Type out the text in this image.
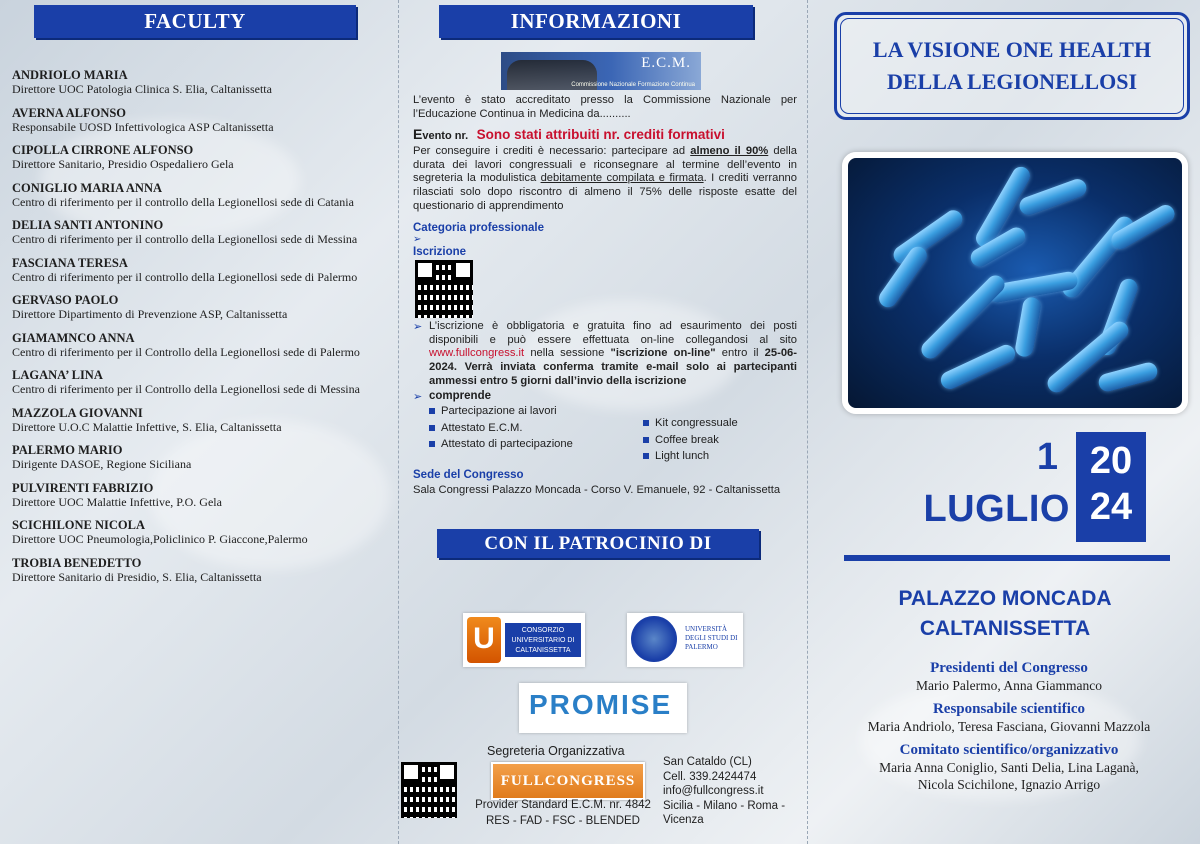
FACULTY
ANDRIOLO MARIA
Direttore UOC Patologia Clinica S. Elia, Caltanissetta
AVERNA ALFONSO
Responsabile UOSD Infettivologica ASP Caltanissetta
CIPOLLA CIRRONE ALFONSO
Direttore Sanitario, Presidio Ospedaliero Gela
CONIGLIO MARIA ANNA
Centro di riferimento per il controllo della Legionellosi sede di Catania
DELIA SANTI ANTONINO
Centro di riferimento per il controllo della Legionellosi sede di Messina
FASCIANA TERESA
Centro di riferimento per il controllo della Legionellosi sede di Palermo
GERVASO PAOLO
Direttore Dipartimento di Prevenzione ASP, Caltanissetta
GIAMAMNCO ANNA
Centro di riferimento per il Controllo della Legionellosi sede di Palermo
LAGANA’ LINA
Centro di riferimento per il Controllo della Legionellosi sede di Messina
MAZZOLA GIOVANNI
Direttore U.O.C Malattie Infettive, S. Elia, Caltanissetta
PALERMO MARIO
Dirigente DASOE, Regione Siciliana
PULVIRENTI FABRIZIO
Direttore UOC Malattie Infettive, P.O. Gela
SCICHILONE NICOLA
Direttore UOC Pneumologia,Policlinico P. Giaccone,Palermo
TROBIA BENEDETTO
Direttore Sanitario di Presidio, S. Elia, Caltanissetta
INFORMAZIONI
E.C.M.
Commissione Nazionale Formazione Continua
L’evento è stato accreditato presso la Commissione Nazionale per l’Educazione Continua in Medicina da..........
Evento nr. Sono stati attribuiti nr. crediti formativi
Per conseguire i crediti è necessario: partecipare ad almeno il 90% della durata dei lavori congressuali e riconsegnare al termine dell’evento in segreteria la modulistica debitamente compilata e firmata. I crediti verranno rilasciati solo dopo riscontro di almeno il 75% delle risposte esatte del questionario di apprendimento
Categoria professionale
➢
Iscrizione
➢ L’iscrizione è obbligatoria e gratuita fino ad esaurimento dei posti disponibili e può essere effettuata on-line collegandosi al sito www.fullcongress.it nella sessione "iscrizione on-line" entro il 25-06-2024. Verrà inviata conferma tramite e-mail solo ai partecipanti ammessi entro 5 giorni dall’invio della iscrizione
➢ comprende
Partecipazione ai lavori
Attestato E.C.M.
Attestato di partecipazione
Kit congressuale
Coffee break
Light lunch
Sede del Congresso
Sala Congressi Palazzo Moncada - Corso V. Emanuele, 92 - Caltanissetta
CON IL PATROCINIO DI
U	CONSORZIO UNIVERSITARIO DI CALTANISSETTA
UNIVERSITÀ DEGLI STUDI DI PALERMO
PROMISE
Segreteria Organizzativa
FULLCONGRESS
Provider Standard E.C.M. nr. 4842
RES - FAD - FSC - BLENDED
San Cataldo (CL)
Cell. 339.2424474
info@fullcongress.it
Sicilia - Milano - Roma - Vicenza
LA VISIONE ONE HEALTH
DELLA LEGIONELLOSI
1
LUGLIO
20
24
PALAZZO MONCADA
CALTANISSETTA
Presidenti del Congresso
Mario Palermo, Anna Giammanco
Responsabile scientifico
Maria Andriolo, Teresa Fasciana, Giovanni Mazzola
Comitato scientifico/organizzativo
Maria Anna Coniglio, Santi Delia, Lina Laganà,
Nicola Scichilone, Ignazio Arrigo
